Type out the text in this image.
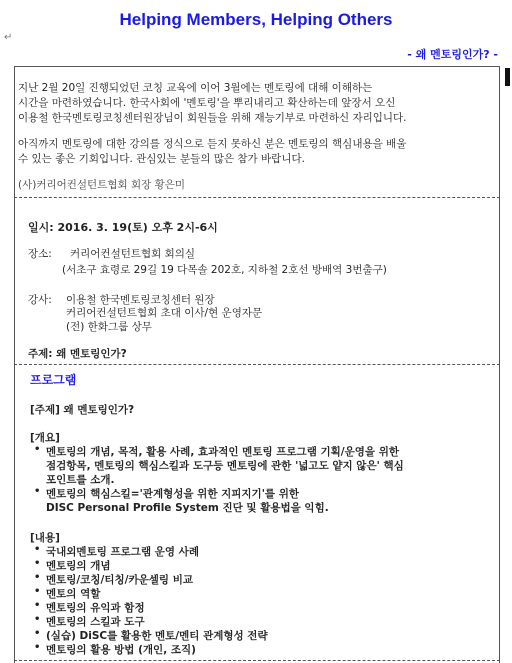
Helping Members, Helping Others
↵
- 왜 멘토링인가? -
지난 2월 20일 진행되었던 코칭 교육에 이어 3월에는 멘토링에 대해 이해하는
시간을 마련하였습니다. 한국사회에 '멘토링'을 뿌리내리고 확산하는데 앞장서 오신
이용철 한국멘토링코칭센터원장님이 회원들을 위해 재능기부로 마련하신 자리입니다.
아직까지 멘토링에 대한 강의를 정식으로 듣지 못하신 분은 멘토링의 핵심내용을 배울
수 있는 좋은 기회입니다. 관심있는 분들의 많은 참가 바랍니다.
(사)커리어컨설턴트협회 회장 황은미
일시: 2016. 3. 19(토) 오후 2시-6시
장소: 커리어컨설턴트협회 회의실
(서초구 효령로 29길 19 다목솔 202호, 지하철 2호선 방배역 3번출구)
강사: 이용철 한국멘토링코칭센터 원장
커리어컨설턴트협회 초대 이사/현 운영자문
(전) 한화그룹 상무
주제: 왜 멘토링인가?
프로그램
[주제] 왜 멘토링인가?
[개요]
• 멘토링의 개념, 목적, 활용 사례, 효과적인 멘토링 프로그램 기획/운영을 위한
점검항목, 멘토링의 핵심스킬과 도구등 멘토링에 관한 '넓고도 얕지 않은' 핵심
포인트를 소개.
• 멘토링의 핵심스킬='관계형성을 위한 지피지기'를 위한
DISC Personal Profile System 진단 및 활용법을 익힘.
[내용]
• 국내외멘토링 프로그램 운영 사례
• 멘토링의 개념
• 멘토링/코칭/티칭/카운셀링 비교
• 멘토의 역할
• 멘토링의 유익과 함정
• 멘토링의 스킬과 도구
• (실습) DiSC를 활용한 멘토/멘티 관계형성 전략
• 멘토링의 활용 방법 (개인, 조직)
